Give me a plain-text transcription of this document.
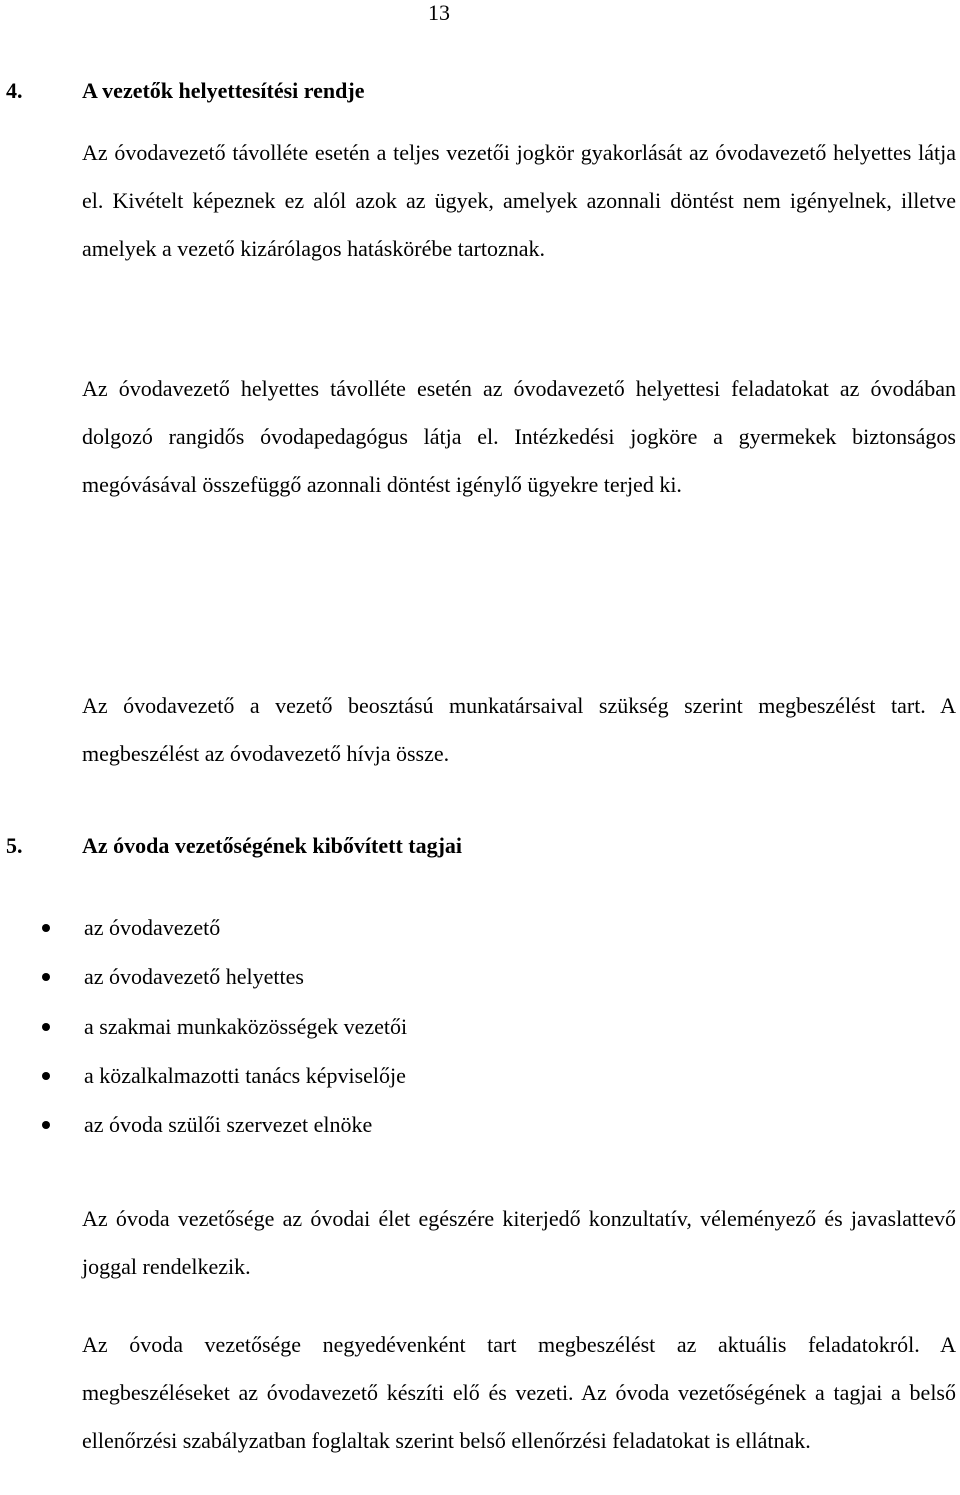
13
4.	A vezetők helyettesítési rendje

Az óvodavezető távolléte esetén a teljes vezetői jogkör gyakorlását az óvodavezető helyettes látja el. Kivételt képeznek ez alól azok az ügyek, amelyek azonnali döntést nem igényelnek, illetve amelyek a vezető kizárólagos hatáskörébe tartoznak.

Az óvodavezető helyettes távolléte esetén az óvodavezető helyettesi feladatokat az óvodában dolgozó rangidős óvodapedagógus látja el. Intézkedési jogköre a gyermekek biztonságos megóvásával összefüggő azonnali döntést igénylő ügyekre terjed ki.

Az óvodavezető a vezető beosztású munkatársaival szükség szerint megbeszélést tart. A megbeszélést az óvodavezető hívja össze.

5.	Az óvoda vezetőségének kibővített tagjai
az óvodavezető
az óvodavezető helyettes
a szakmai munkaközösségek vezetői
a közalkalmazotti tanács képviselője
az óvoda szülői szervezet elnöke

Az óvoda vezetősége az óvodai élet egészére kiterjedő konzultatív, véleményező és javaslattevő joggal rendelkezik.

Az óvoda vezetősége negyedévenként tart megbeszélést az aktuális feladatokról. A megbeszéléseket az óvodavezető készíti elő és vezeti. Az óvoda vezetőségének a tagjai a belső ellenőrzési szabályzatban foglaltak szerint belső ellenőrzési feladatokat is ellátnak.
